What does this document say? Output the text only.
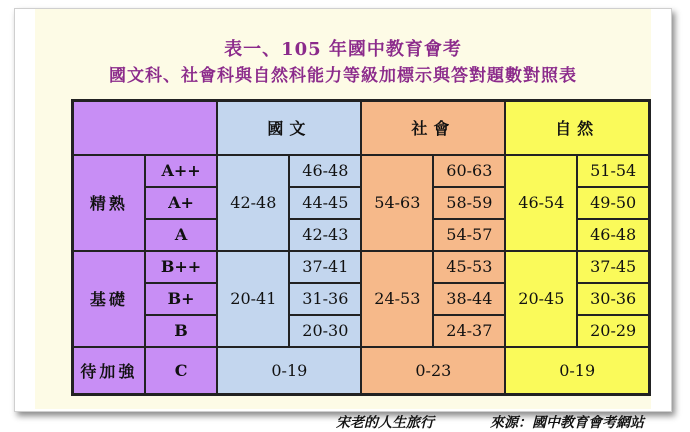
表一、105 年國中教育會考
國文科、社會科與自然科能力等級加標示與答對題數對照表
		國文		社會		自然	
精熟	A++	42-48	46-48	54-63	60-63	46-54	51-54
	A+		44-45		58-59		49-50
	A		42-43		54-57		46-48
基礎	B++	20-41	37-41	24-53	45-53	20-45	37-45
	B+		31-36		38-44		30-36
	B		20-30		24-37		20-29
待加強	C	0-19		0-23		0-19	
宋老的人生旅行	來源：國中教育會考網站
